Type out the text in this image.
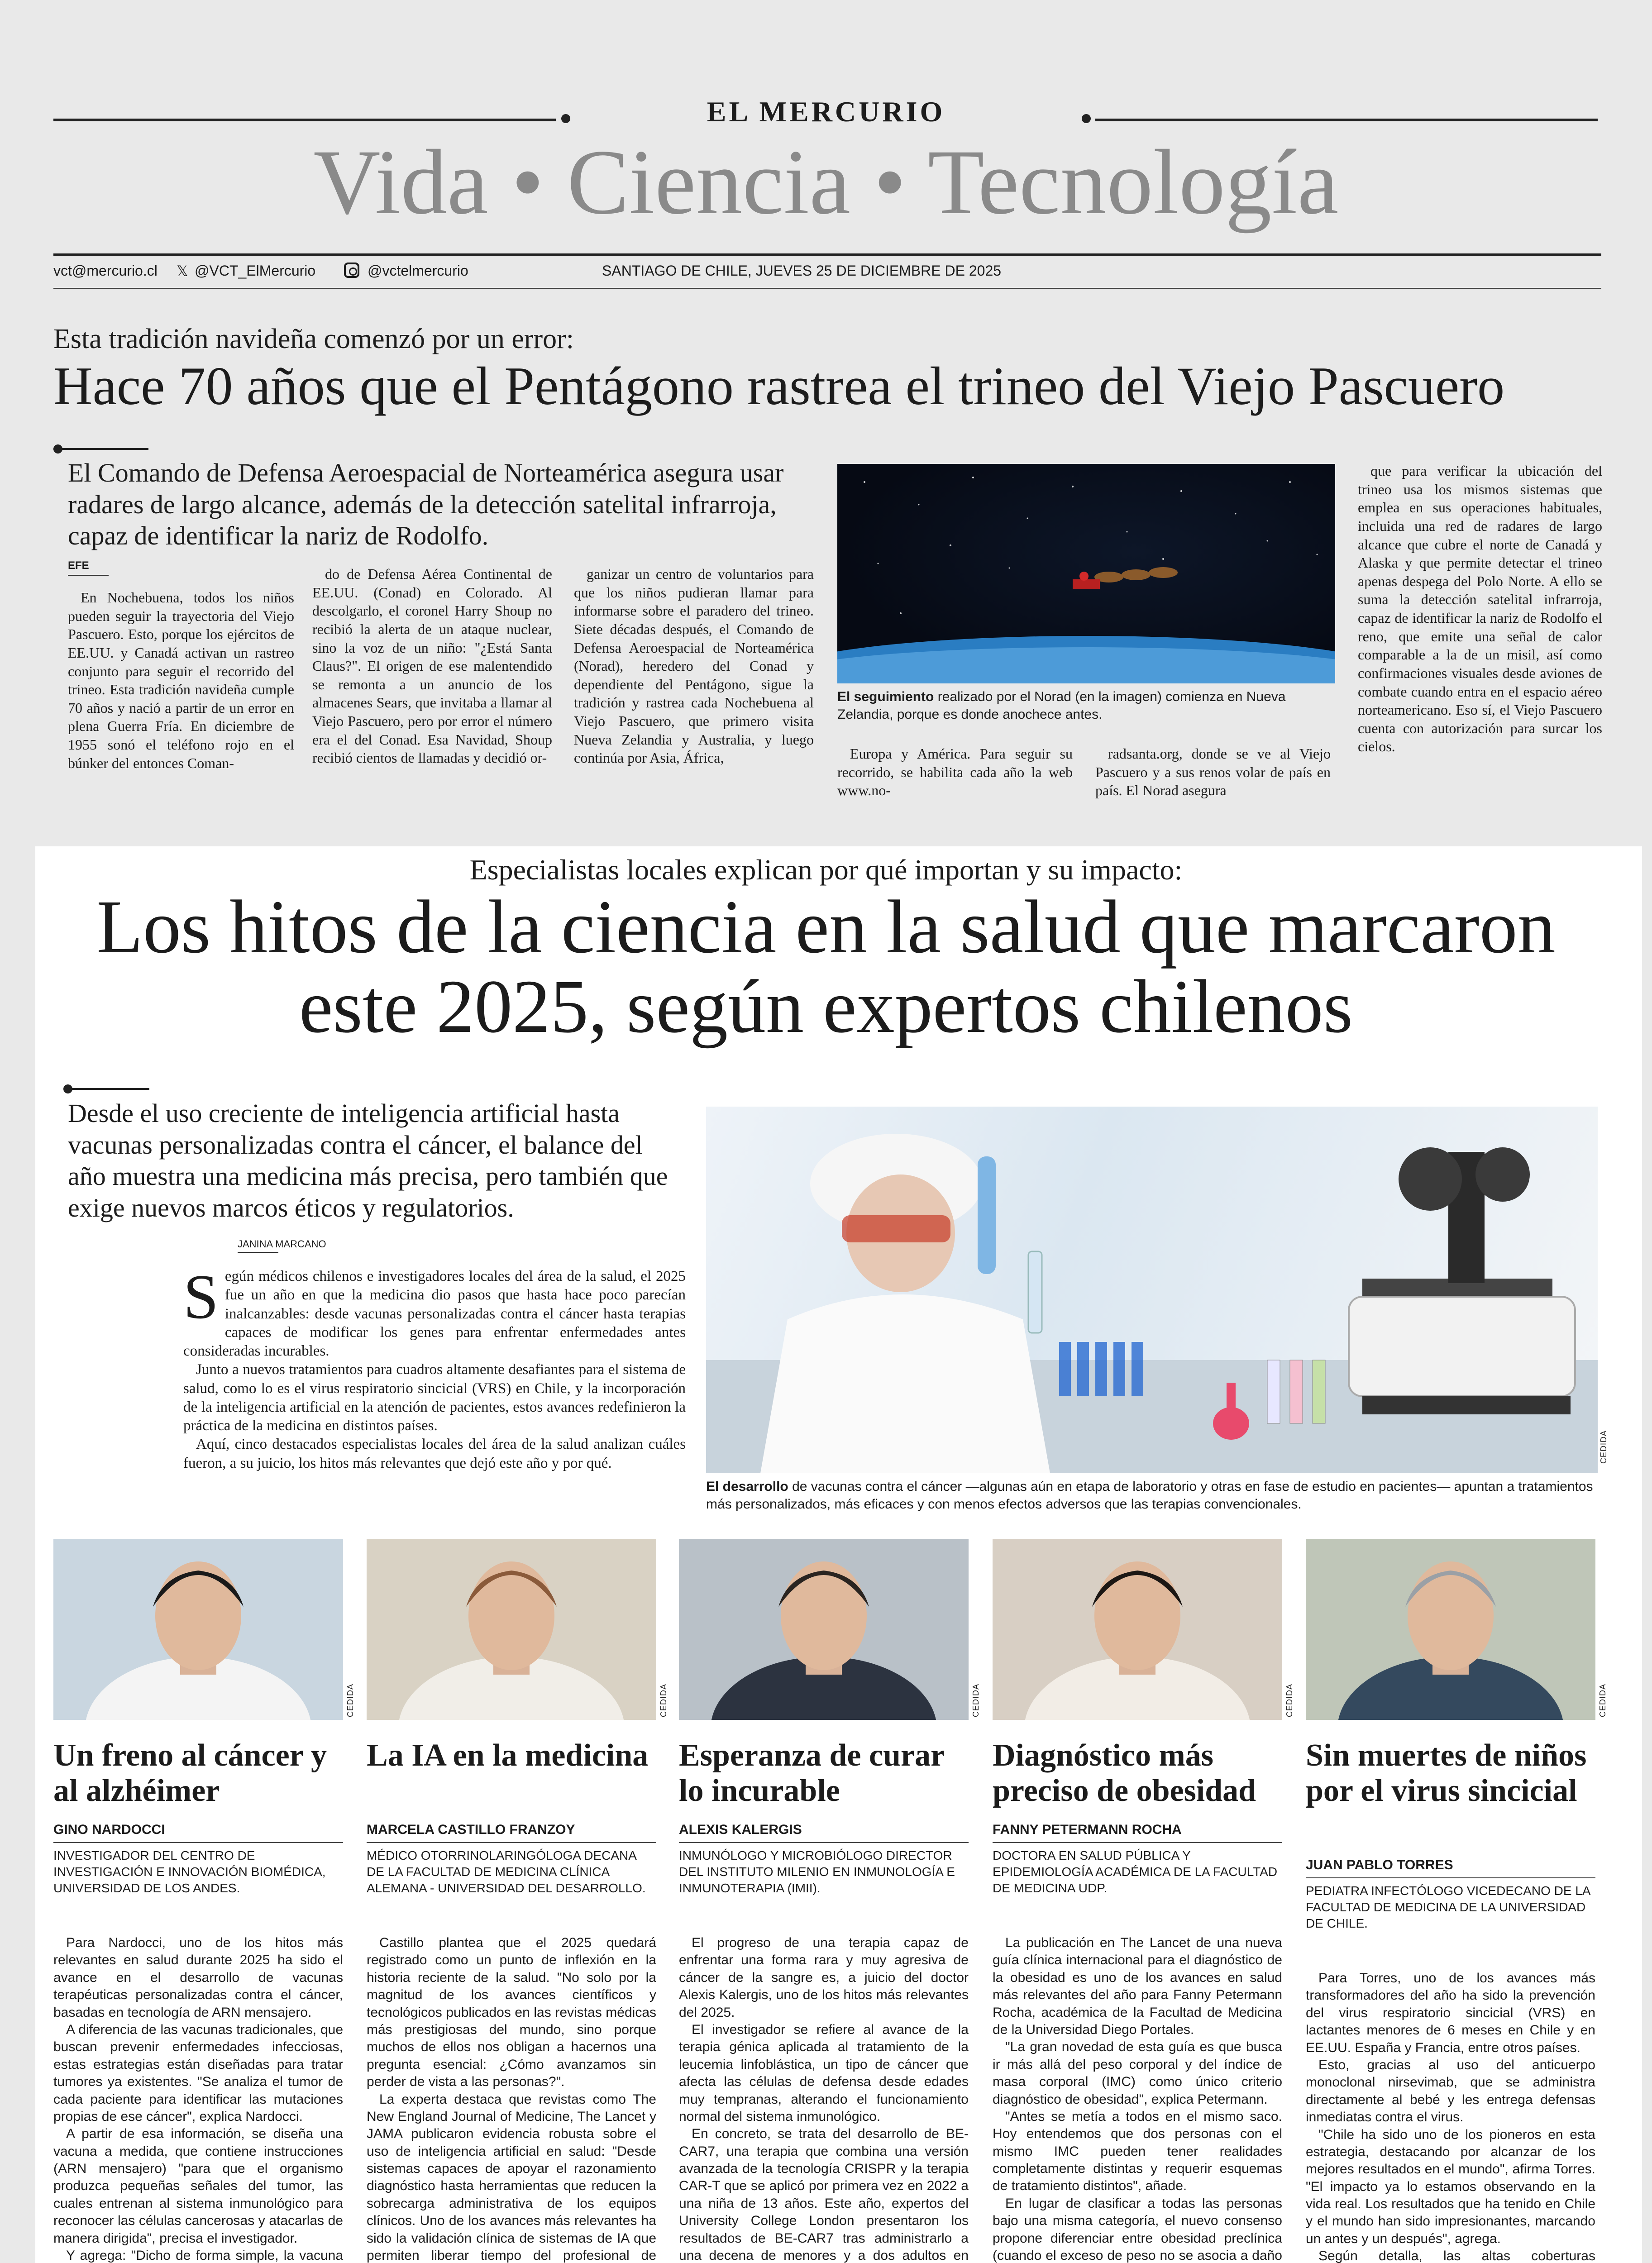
EL MERCURIO
Vida • Ciencia • Tecnología
vct@mercurio.cl 𝕏 @VCT_ElMercurio	@vctelmercurio	SANTIAGO DE CHILE, JUEVES 25 DE DICIEMBRE DE 2025
Esta tradición navideña comenzó por un error:
Hace 70 años que el Pentágono rastrea el trineo del Viejo Pascuero
El Comando de Defensa Aeroespacial de Norteamérica asegura usar radares de largo alcance, además de la detección satelital infrarroja, capaz de identificar la nariz de Rodolfo.
EFE

En Nochebuena, todos los niños pueden seguir la trayectoria del Viejo Pascuero. Esto, porque los ejércitos de EE.UU. y Canadá activan un rastreo conjunto para seguir el recorrido del trineo. Esta tradición navideña cumple 70 años y nació a partir de un error en plena Guerra Fría. En diciembre de 1955 sonó el teléfono rojo en el búnker del entonces Coman-

do de Defensa Aérea Continental de EE.UU. (Conad) en Colorado. Al descolgarlo, el coronel Harry Shoup no recibió la alerta de un ataque nuclear, sino la voz de un niño: "¿Está Santa Claus?". El origen de ese malentendido se remonta a un anuncio de los almacenes Sears, que invitaba a llamar al Viejo Pascuero, pero por error el número era el del Conad. Esa Navidad, Shoup recibió cientos de llamadas y decidió or-

ganizar un centro de voluntarios para que los niños pudieran llamar para informarse sobre el paradero del trineo. Siete décadas después, el Comando de Defensa Aeroespacial de Norteamérica (Norad), heredero del Conad y dependiente del Pentágono, sigue la tradición y rastrea cada Nochebuena al Viejo Pascuero, que primero visita Nueva Zelandia y Australia, y luego continúa por Asia, África,

El seguimiento realizado por el Norad (en la imagen) comienza en Nueva Zelandia, porque es donde anochece antes.

Europa y América. Para seguir su recorrido, se habilita cada año la web www.no-

radsanta.org, donde se ve al Viejo Pascuero y a sus renos volar de país en país. El Norad asegura

que para verificar la ubicación del trineo usa los mismos sistemas que emplea en sus operaciones habituales, incluida una red de radares de largo alcance que cubre el norte de Canadá y Alaska y que permite detectar el trineo apenas despega del Polo Norte. A ello se suma la detección satelital infrarroja, capaz de identificar la nariz de Rodolfo el reno, que emite una señal de calor comparable a la de un misil, así como confirmaciones visuales desde aviones de combate cuando entra en el espacio aéreo norteamericano. Eso sí, el Viejo Pascuero cuenta con autorización para surcar los cielos.

Especialistas locales explican por qué importan y su impacto:
Los hitos de la ciencia en la salud que marcaron este 2025, según expertos chilenos
Desde el uso creciente de inteligencia artificial hasta vacunas personalizadas contra el cáncer, el balance del año muestra una medicina más precisa, pero también que exige nuevos marcos éticos y regulatorios.
JANINA MARCANO

Según médicos chilenos e investigadores locales del área de la salud, el 2025 fue un año en que la medicina dio pasos que hasta hace poco parecían inalcanzables: desde vacunas personalizadas contra el cáncer hasta terapias capaces de modificar los genes para enfrentar enfermedades antes consideradas incurables.

Junto a nuevos tratamientos para cuadros altamente desafiantes para el sistema de salud, como lo es el virus respiratorio sincicial (VRS) en Chile, y la incorporación de la inteligencia artificial en la atención de pacientes, estos avances redefinieron la práctica de la medicina en distintos países.

Aquí, cinco destacados especialistas locales del área de la salud analizan cuáles fueron, a su juicio, los hitos más relevantes que dejó este año y por qué.	CEDIDA
El desarrollo de vacunas contra el cáncer —algunas aún en etapa de laboratorio y otras en fase de estudio en pacientes— apuntan a tratamientos más personalizados, más eficaces y con menos efectos adversos que las terapias convencionales.
CEDIDA
Un freno al cáncer y al alzhéimer
GINO NARDOCCI
INVESTIGADOR DEL CENTRO DE INVESTIGACIÓN E INNOVACIÓN BIOMÉDICA, UNIVERSIDAD DE LOS ANDES.

Para Nardocci, uno de los hitos más relevantes en salud durante 2025 ha sido el avance en el desarrollo de vacunas terapéuticas personalizadas contra el cáncer, basadas en tecnología de ARN mensajero.

A diferencia de las vacunas tradicionales, que buscan prevenir enfermedades infecciosas, estas estrategias están diseñadas para tratar tumores ya existentes. "Se analiza el tumor de cada paciente para identificar las mutaciones propias de ese cáncer", explica Nardocci.

A partir de esa información, se diseña una vacuna a medida, que contiene instrucciones (ARN mensajero) "para que el organismo produzca pequeñas señales del tumor, las cuales entrenan al sistema inmunológico para reconocer las células cancerosas y atacarlas de manera dirigida", precisa el investigador.

Y agrega: "Dicho de forma simple, la vacuna

CEDIDA
La IA en la medicina
MARCELA CASTILLO FRANZOY
MÉDICO OTORRINOLARINGÓLOGA DECANA DE LA FACULTAD DE MEDICINA CLÍNICA ALEMANA - UNIVERSIDAD DEL DESARROLLO.

Castillo plantea que el 2025 quedará registrado como un punto de inflexión en la historia reciente de la salud. "No solo por la magnitud de los avances científicos y tecnológicos publicados en las revistas médicas más prestigiosas del mundo, sino porque muchos de ellos nos obligan a hacernos una pregunta esencial: ¿Cómo avanzamos sin perder de vista a las personas?".

La experta destaca que revistas como The New England Journal of Medicine, The Lancet y JAMA publicaron evidencia robusta sobre el uso de inteligencia artificial en salud: "Desde sistemas capaces de apoyar el razonamiento diagnóstico hasta herramientas que reducen la sobrecarga administrativa de los equipos clínicos. Uno de los avances más relevantes ha sido la validación clínica de sistemas de IA que permiten liberar tiempo del profesional de

CEDIDA
Esperanza de curar lo incurable
ALEXIS KALERGIS
INMUNÓLOGO Y MICROBIÓLOGO DIRECTOR DEL INSTITUTO MILENIO EN INMUNOLOGÍA E INMUNOTERAPIA (IMII).

El progreso de una terapia capaz de enfrentar una forma rara y muy agresiva de cáncer de la sangre es, a juicio del doctor Alexis Kalergis, uno de los hitos más relevantes del 2025.

El investigador se refiere al avance de la terapia génica aplicada al tratamiento de la leucemia linfoblástica, un tipo de cáncer que afecta las células de defensa desde edades muy tempranas, alterando el funcionamiento normal del sistema inmunológico.

En concreto, se trata del desarrollo de BE-CAR7, una terapia que combina una versión avanzada de la tecnología CRISPR y la terapia CAR-T que se aplicó por primera vez en 2022 a una niña de 13 años. Este año, expertos del University College London presentaron los resultados de BE-CAR7 tras administrarlo a una decena de menores y a dos adultos en

CEDIDA
Diagnóstico más preciso de obesidad
FANNY PETERMANN ROCHA
DOCTORA EN SALUD PÚBLICA Y EPIDEMIOLOGÍA ACADÉMICA DE LA FACULTAD DE MEDICINA UDP.

La publicación en The Lancet de una nueva guía clínica internacional para el diagnóstico de la obesidad es uno de los avances en salud más relevantes del año para Fanny Petermann Rocha, académica de la Facultad de Medicina de la Universidad Diego Portales.

"La gran novedad de esta guía es que busca ir más allá del peso corporal y del índice de masa corporal (IMC) como único criterio diagnóstico de obesidad", explica Petermann.

"Antes se metía a todos en el mismo saco. Hoy entendemos que dos personas con el mismo IMC pueden tener realidades completamente distintas y requerir esquemas de tratamiento distintos", añade.

En lugar de clasificar a todas las personas bajo una misma categoría, el nuevo consenso propone diferenciar entre obesidad preclínica (cuando el exceso de peso no se asocia a daño

CEDIDA
Sin muertes de niños por el virus sincicial
JUAN PABLO TORRES
PEDIATRA INFECTÓLOGO VICEDECANO DE LA FACULTAD DE MEDICINA DE LA UNIVERSIDAD DE CHILE.

Para Torres, uno de los avances más transformadores del año ha sido la prevención del virus respiratorio sincicial (VRS) en lactantes menores de 6 meses en Chile y en EE.UU. España y Francia, entre otros países.

Esto, gracias al uso del anticuerpo monoclonal nirsevimab, que se administra directamente al bebé y les entrega defensas inmediatas contra el virus.

"Chile ha sido uno de los pioneros en esta estrategia, destacando por alcanzar de los mejores resultados en el mundo", afirma Torres. "El impacto ya lo estamos observando en la vida real. Los resultados que ha tenido en Chile y el mundo han sido impresionantes, marcando un antes y un después", agrega.

Según detalla, las altas coberturas
